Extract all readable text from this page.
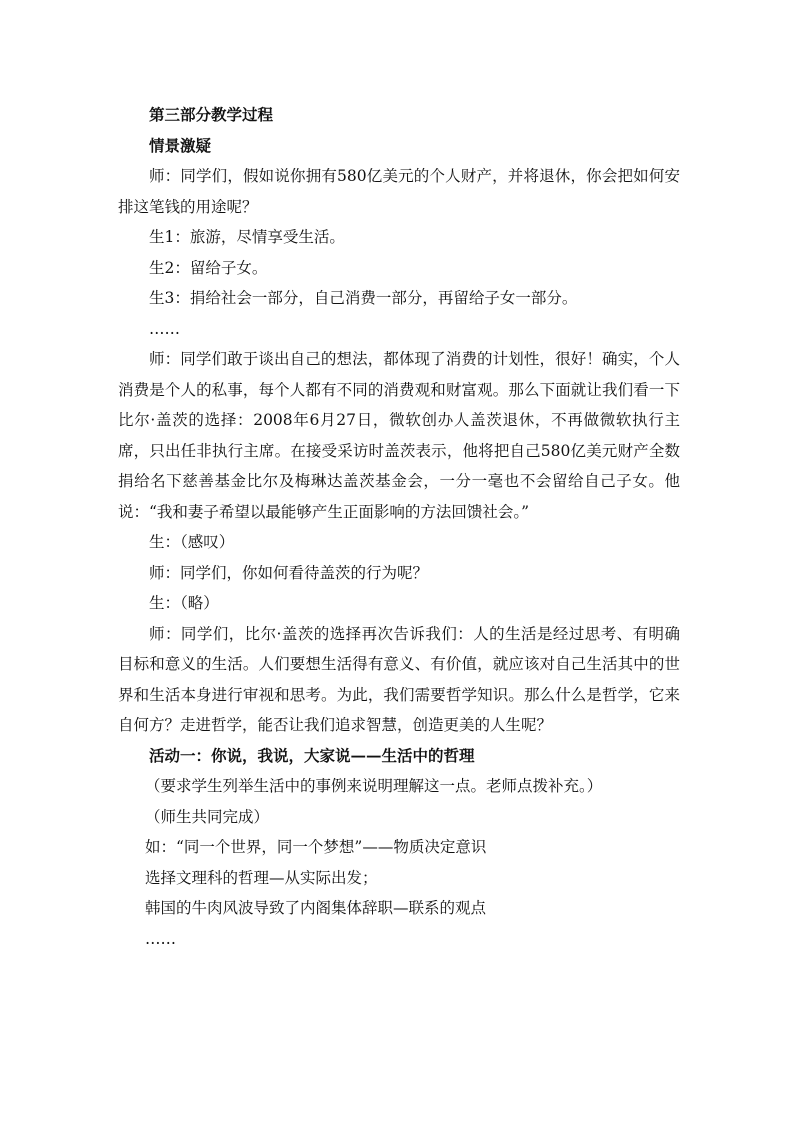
第三部分教学过程

情景激疑

师：同学们，假如说你拥有580亿美元的个人财产，并将退休，你会把如何安排这笔钱的用途呢？

生1：旅游，尽情享受生活。

生2：留给子女。

生3：捐给社会一部分，自己消费一部分，再留给子女一部分。

……

师：同学们敢于谈出自己的想法，都体现了消费的计划性，很好！确实，个人消费是个人的私事，每个人都有不同的消费观和财富观。那么下面就让我们看一下比尔·盖茨的选择：2008年6月27日，微软创办人盖茨退休，不再做微软执行主席，只出任非执行主席。在接受采访时盖茨表示，他将把自己580亿美元财产全数捐给名下慈善基金比尔及梅琳达盖茨基金会，一分一毫也不会留给自己子女。他说：“我和妻子希望以最能够产生正面影响的方法回馈社会。”

生：（感叹）

师：同学们，你如何看待盖茨的行为呢？

生：（略）

师：同学们，比尔·盖茨的选择再次告诉我们：人的生活是经过思考、有明确目标和意义的生活。人们要想生活得有意义、有价值，就应该对自己生活其中的世界和生活本身进行审视和思考。为此，我们需要哲学知识。那么什么是哲学，它来自何方？走进哲学，能否让我们追求智慧，创造更美的人生呢？

活动一：你说，我说，大家说——生活中的哲理

（要求学生列举生活中的事例来说明理解这一点。老师点拨补充。）

（师生共同完成）

如：“同一个世界，同一个梦想”——物质决定意识

选择文理科的哲理—从实际出发；

韩国的牛肉风波导致了内阁集体辞职—联系的观点

……
